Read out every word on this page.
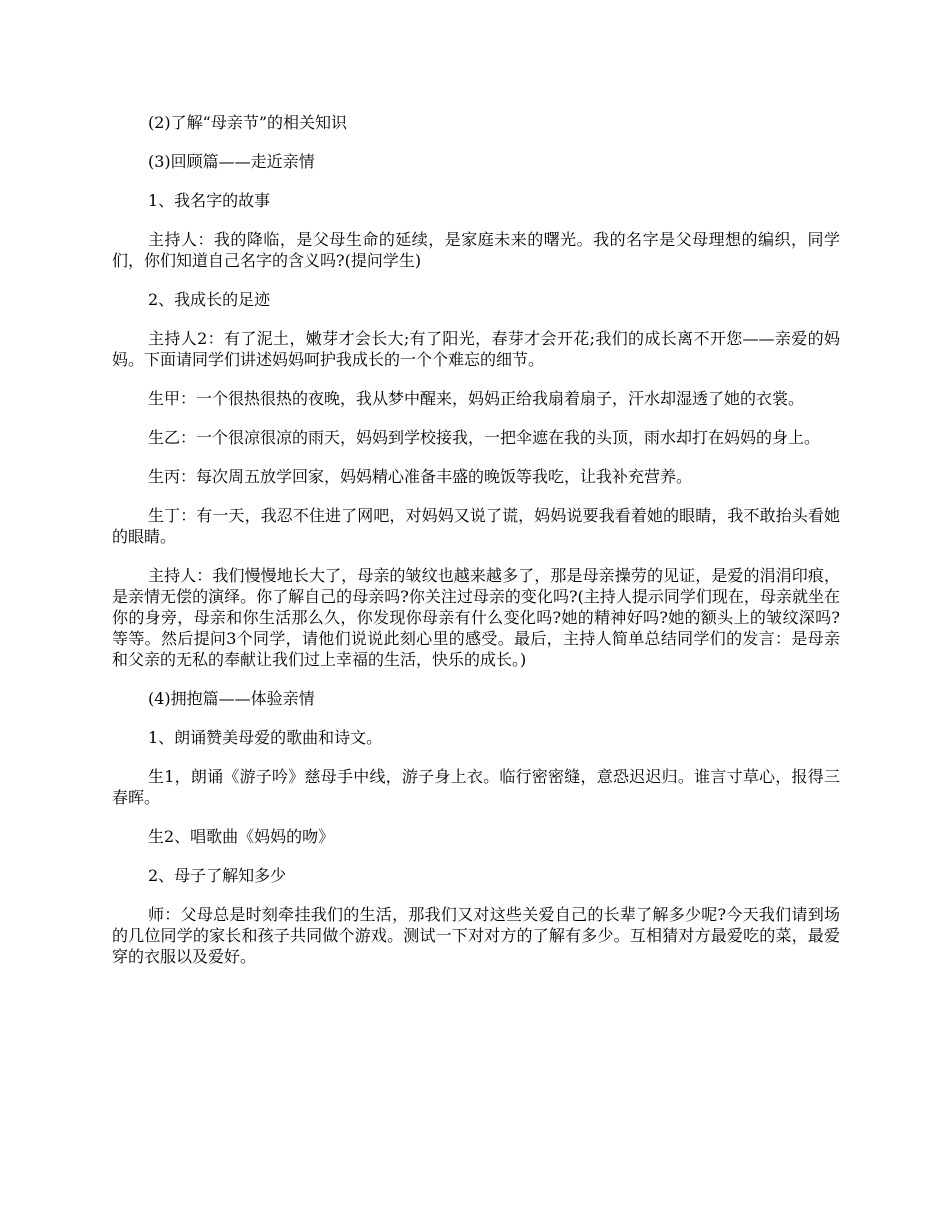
(2)了解“母亲节”的相关知识

(3)回顾篇——走近亲情

1、我名字的故事

主持人：我的降临，是父母生命的延续，是家庭未来的曙光。我的名字是父母理想的编织，同学们，你们知道自己名字的含义吗?(提问学生)

2、我成长的足迹

主持人2：有了泥土，嫩芽才会长大;有了阳光，春芽才会开花;我们的成长离不开您——亲爱的妈妈。下面请同学们讲述妈妈呵护我成长的一个个难忘的细节。

生甲：一个很热很热的夜晚，我从梦中醒来，妈妈正给我扇着扇子，汗水却湿透了她的衣裳。

生乙：一个很凉很凉的雨天，妈妈到学校接我，一把伞遮在我的头顶，雨水却打在妈妈的身上。

生丙：每次周五放学回家，妈妈精心准备丰盛的晚饭等我吃，让我补充营养。

生丁：有一天，我忍不住进了网吧，对妈妈又说了谎，妈妈说要我看着她的眼睛，我不敢抬头看她的眼睛。

主持人：我们慢慢地长大了，母亲的皱纹也越来越多了，那是母亲操劳的见证，是爱的涓涓印痕，是亲情无偿的演绎。你了解自己的母亲吗?你关注过母亲的变化吗?(主持人提示同学们现在，母亲就坐在你的身旁，母亲和你生活那么久，你发现你母亲有什么变化吗?她的精神好吗?她的额头上的皱纹深吗?等等。然后提问3个同学，请他们说说此刻心里的感受。最后，主持人简单总结同学们的发言：是母亲和父亲的无私的奉献让我们过上幸福的生活，快乐的成长。)

(4)拥抱篇——体验亲情

1、朗诵赞美母爱的歌曲和诗文。

生1，朗诵《游子吟》慈母手中线，游子身上衣。临行密密缝，意恐迟迟归。谁言寸草心，报得三春晖。

生2、唱歌曲《妈妈的吻》

2、母子了解知多少

师：父母总是时刻牵挂我们的生活，那我们又对这些关爱自己的长辈了解多少呢?今天我们请到场的几位同学的家长和孩子共同做个游戏。测试一下对对方的了解有多少。互相猜对方最爱吃的菜，最爱穿的衣服以及爱好。
